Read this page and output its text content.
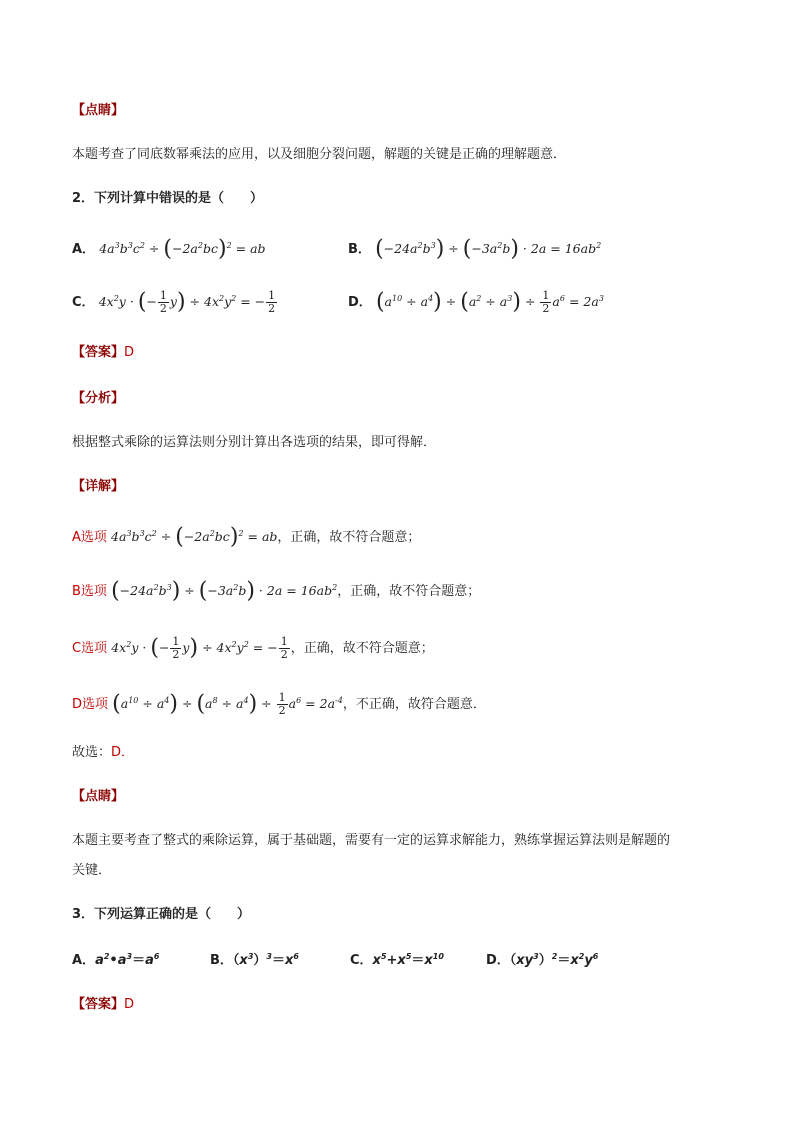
【点睛】
本题考查了同底数幂乘法的应用，以及细胞分裂问题，解题的关键是正确的理解题意．
2．下列计算中错误的是（　　）
A． $4a^3b^3c^2 \div (-2a^2bc)^2$ = ab	B． $(-24a^2b^3) \div (-3a^2b) \cdot 2a = 16ab^2$
C． $4x^2y$ · (− $\frac{1}{2} y) \div 4x^2y^2$ = − $\frac{1}{2}$	D． $(a^{10} \div a^4) \div (a^2 \div a^3) \div \frac{1}{2} a^6 = 2a^3$
【答案】D
【分析】
根据整式乘除的运算法则分别计算出各选项的结果，即可得解．
【详解】
A选项 $4a^3b^3c^2 \div (-2a^2bc)^2$ = ab，正确，故不符合题意；
B选项 $(-24a^2b^3) \div (-3a^2b) \cdot 2a = 16ab^2$，正确，故不符合题意；
C选项 $4x^2y$ · (− $\frac{1}{2} y) \div 4x^2y^2$ = − $\frac{1}{2}$ ，正确，故不符合题意；
D选项 $(a^{10} \div a^4) \div (a^8 \div a^4) \div \frac{1}{2} a^6 = 2a^{-4}$，不正确，故符合题意．
故选：D．
【点睛】
本题主要考查了整式的乘除运算，属于基础题，需要有一定的运算求解能力，熟练掌握运算法则是解题的
关键．
3．下列运算正确的是（　　）
A．$a^2•a^3=a^6$	B．$(x^3)^3=x^6$	C．$x^5+x^5=x^{10}$	D．$(xy^3)^2=x^2y^6$
【答案】D
